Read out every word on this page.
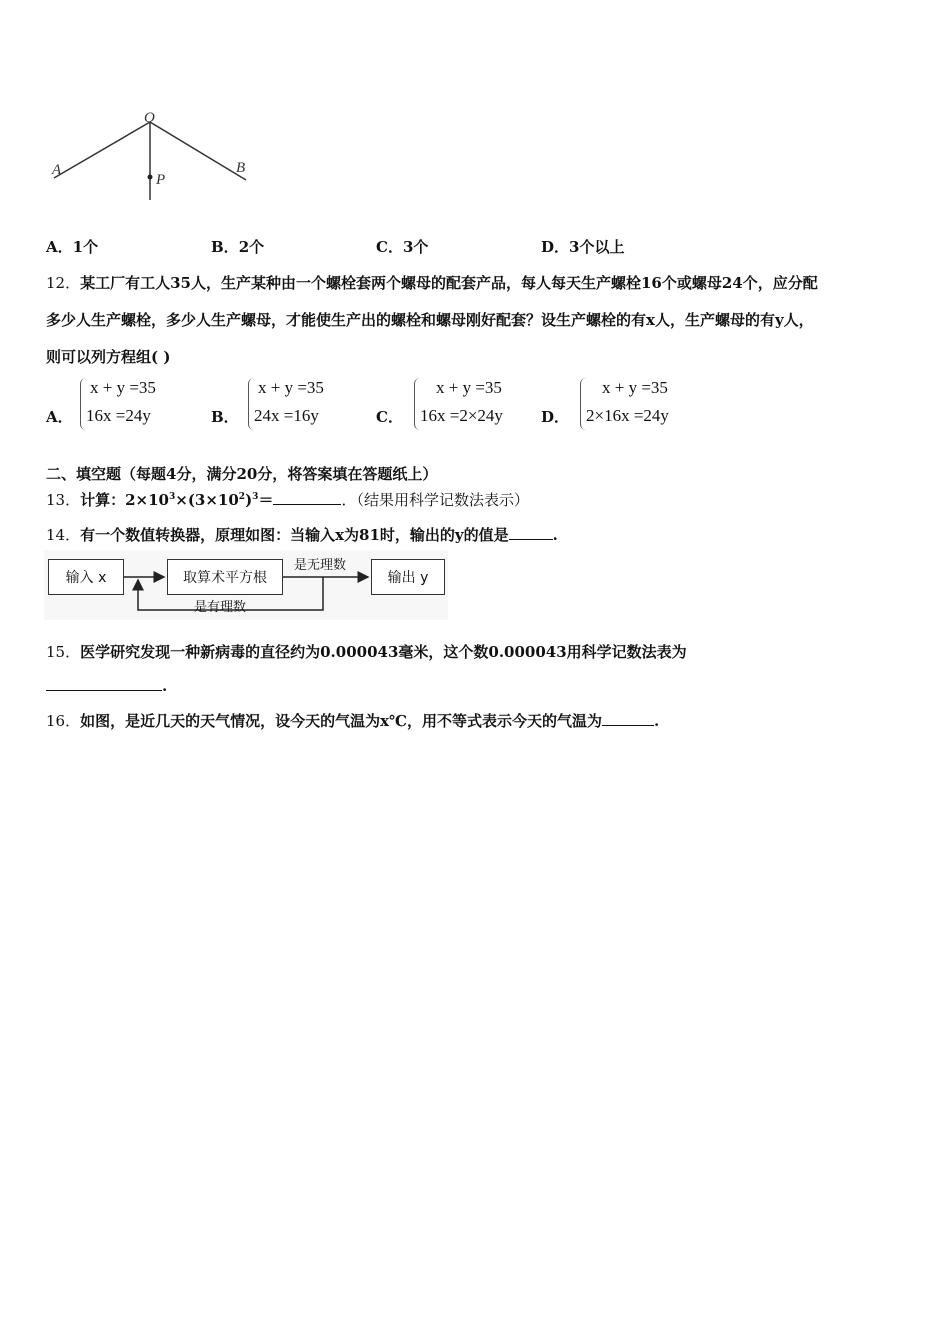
O
A	B
P
A．1个	B．2个	C．3个	D．3个以上
12．某工厂有工人35人，生产某种由一个螺栓套两个螺母的配套产品，每人每天生产螺栓16个或螺母24个，应分配
多少人生产螺栓，多少人生产螺母，才能使生产出的螺栓和螺母刚好配套？设生产螺栓的有x人，生产螺母的有y人，
则可以列方程组( )
A．
x + y =35
16x =24y	B．
x + y =35
24x =16y	C．
x + y =35
16x =2×24y	D．
x + y =35
2×16x =24y
二、填空题（每题4分，满分20分，将答案填在答题纸上）
13．计算：$2\times 10^3\times(3\times 10^2)^3=$	．（结果用科学记数法表示）
14．有一个数值转换器，原理如图：当输入x为81时，输出的y的值是	.
输入 x	取算术平方根	输出 y
是无理数
是有理数
15．医学研究发现一种新病毒的直径约为0.000043毫米，这个数0.000043用科学记数法表为
.
16．如图，是近几天的天气情况，设今天的气温为x℃，用不等式表示今天的气温为	.
